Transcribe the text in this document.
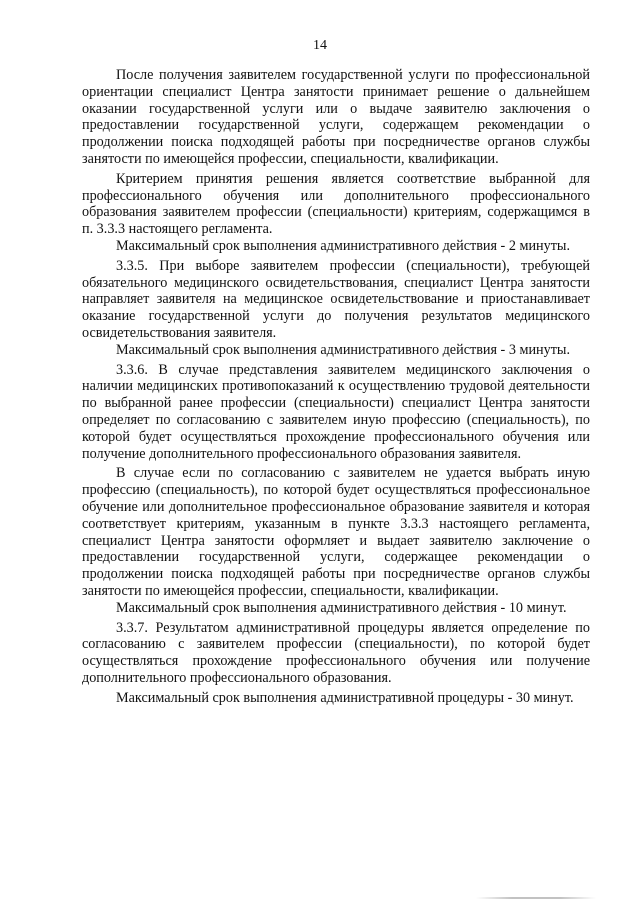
14

После получения заявителем государственной услуги по профессиональной ориентации специалист Центра занятости принимает решение о дальнейшем оказании государственной услуги или о выдаче заявителю заключения о предоставлении государственной услуги, содержащем рекомендации о продолжении поиска подходящей работы при посредничестве органов службы занятости по имеющейся профессии, специальности, квалификации.

Критерием принятия решения является соответствие выбранной для профессионального обучения или дополнительного профессионального образования заявителем профессии (специальности) критериям, содержащимся в п. 3.3.3 настоящего регламента.

Максимальный срок выполнения административного действия - 2 минуты.

3.3.5. При выборе заявителем профессии (специальности), требующей обязательного медицинского освидетельствования, специалист Центра занятости направляет заявителя на медицинское освидетельствование и приостанавливает оказание государственной услуги до получения результатов медицинского освидетельствования заявителя.

Максимальный срок выполнения административного действия - 3 минуты.

3.3.6. В случае представления заявителем медицинского заключения о наличии медицинских противопоказаний к осуществлению трудовой деятельности по выбранной ранее профессии (специальности) специалист Центра занятости определяет по согласованию с заявителем иную профессию (специальность), по которой будет осуществляться прохождение профессионального обучения или получение дополнительного профессионального образования заявителя.

В случае если по согласованию с заявителем не удается выбрать иную профессию (специальность), по которой будет осуществляться профессиональное обучение или дополнительное профессиональное образование заявителя и которая соответствует критериям, указанным в пункте 3.3.3 настоящего регламента, специалист Центра занятости оформляет и выдает заявителю заключение о предоставлении государственной услуги, содержащее рекомендации о продолжении поиска подходящей работы при посредничестве органов службы занятости по имеющейся профессии, специальности, квалификации.

Максимальный срок выполнения административного действия - 10 минут.

3.3.7. Результатом административной процедуры является определение по согласованию с заявителем профессии (специальности), по которой будет осуществляться прохождение профессионального обучения или получение дополнительного профессионального образования.

Максимальный срок выполнения административной процедуры - 30 минут.
